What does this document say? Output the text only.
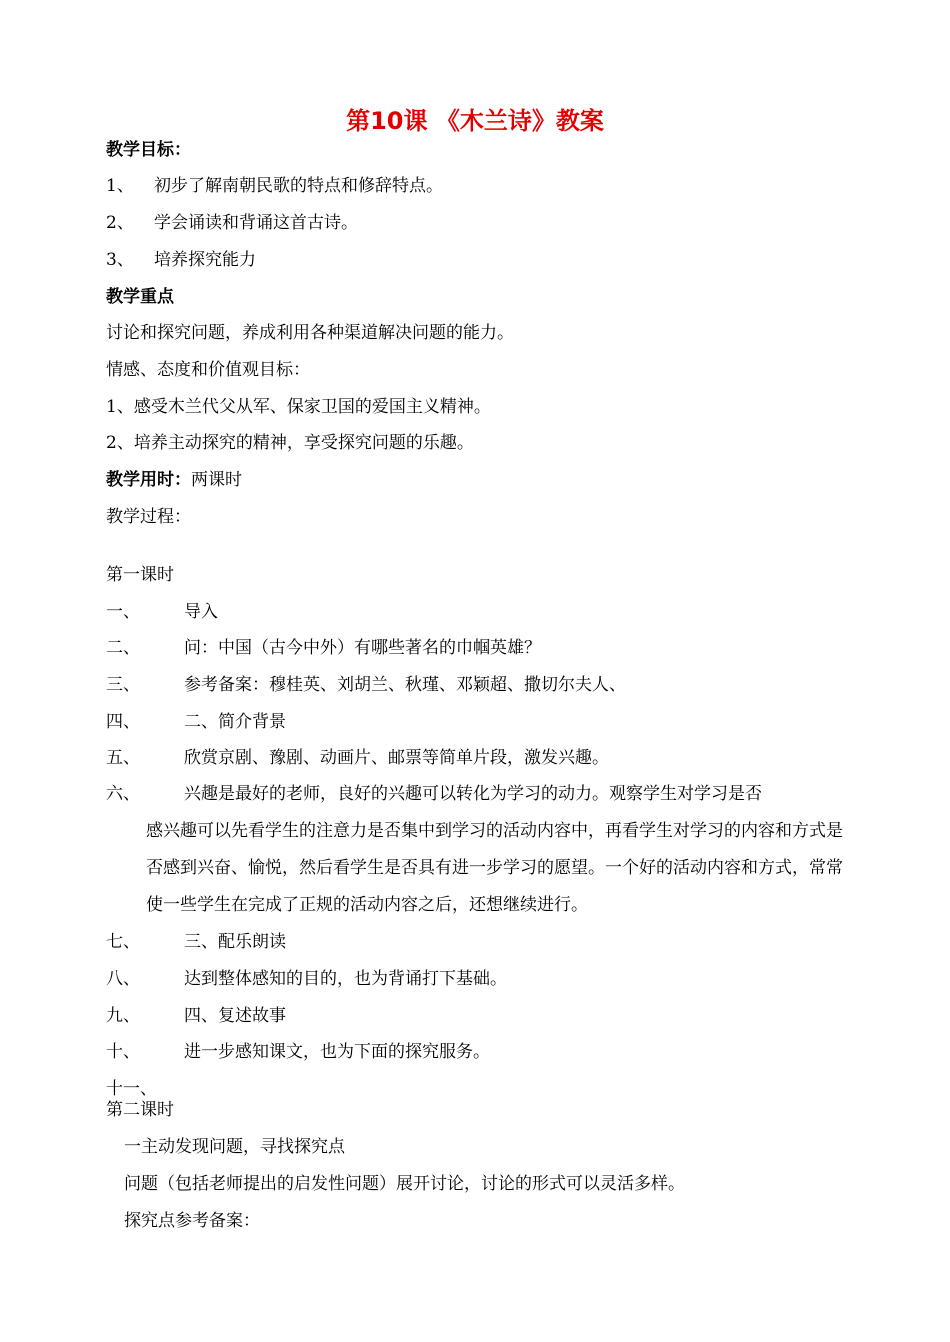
第10课 《木兰诗》教案
教学目标：
1、 初步了解南朝民歌的特点和修辞特点。
2、 学会诵读和背诵这首古诗。
3、 培养探究能力
教学重点
讨论和探究问题，养成利用各种渠道解决问题的能力。
情感、态度和价值观目标：
1、感受木兰代父从军、保家卫国的爱国主义精神。
2、培养主动探究的精神，享受探究问题的乐趣。
教学用时：两课时
教学过程：
第一课时
一、	导入
二、	问：中国（古今中外）有哪些著名的巾帼英雄？
三、	参考备案：穆桂英、刘胡兰、秋瑾、邓颖超、撒切尔夫人、
四、	二、简介背景
五、	欣赏京剧、豫剧、动画片、邮票等简单片段，激发兴趣。
六、	兴趣是最好的老师，良好的兴趣可以转化为学习的动力。观察学生对学习是否
感兴趣可以先看学生的注意力是否集中到学习的活动内容中，再看学生对学习的内容和方式是否感到兴奋、愉悦，然后看学生是否具有进一步学习的愿望。一个好的活动内容和方式，常常使一些学生在完成了正规的活动内容之后，还想继续进行。
七、	三、配乐朗读
八、	达到整体感知的目的，也为背诵打下基础。
九、	四、复述故事
十、	进一步感知课文，也为下面的探究服务。
十一、
第二课时
一主动发现问题，寻找探究点
问题（包括老师提出的启发性问题）展开讨论，讨论的形式可以灵活多样。
探究点参考备案：
